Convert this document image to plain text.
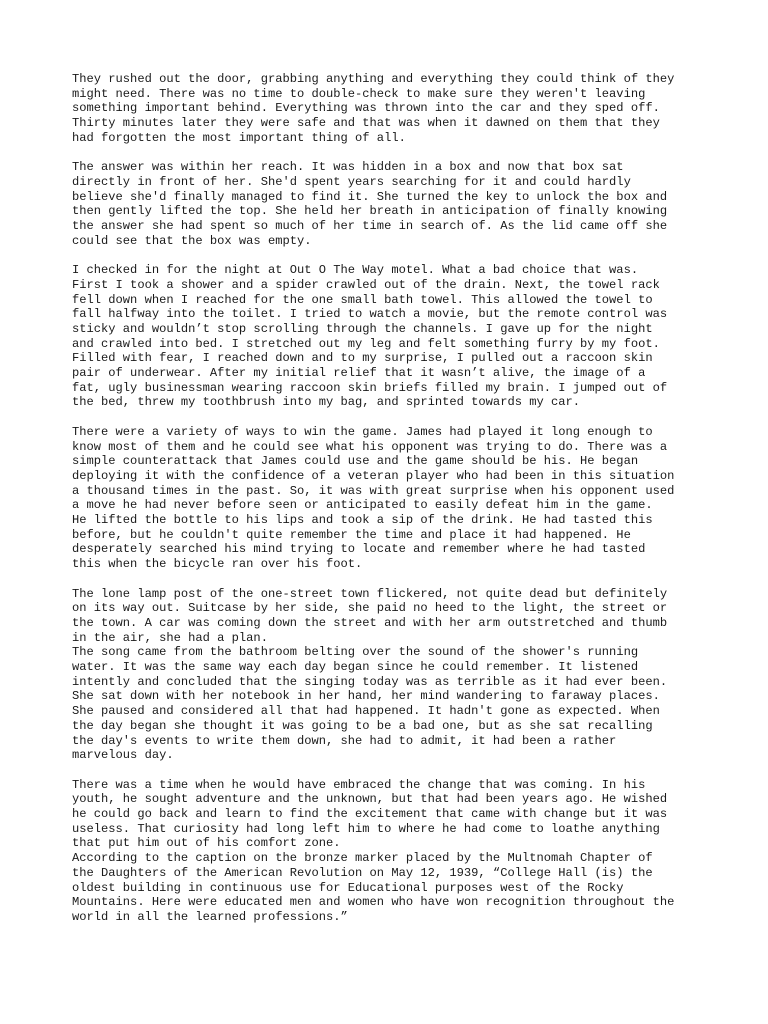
They rushed out the door, grabbing anything and everything they could think of they
might need. There was no time to double-check to make sure they weren't leaving
something important behind. Everything was thrown into the car and they sped off.
Thirty minutes later they were safe and that was when it dawned on them that they
had forgotten the most important thing of all.

The answer was within her reach. It was hidden in a box and now that box sat
directly in front of her. She'd spent years searching for it and could hardly
believe she'd finally managed to find it. She turned the key to unlock the box and
then gently lifted the top. She held her breath in anticipation of finally knowing
the answer she had spent so much of her time in search of. As the lid came off she
could see that the box was empty.

I checked in for the night at Out O The Way motel. What a bad choice that was.
First I took a shower and a spider crawled out of the drain. Next, the towel rack
fell down when I reached for the one small bath towel. This allowed the towel to
fall halfway into the toilet. I tried to watch a movie, but the remote control was
sticky and wouldn’t stop scrolling through the channels. I gave up for the night
and crawled into bed. I stretched out my leg and felt something furry by my foot.
Filled with fear, I reached down and to my surprise, I pulled out a raccoon skin
pair of underwear. After my initial relief that it wasn’t alive, the image of a
fat, ugly businessman wearing raccoon skin briefs filled my brain. I jumped out of
the bed, threw my toothbrush into my bag, and sprinted towards my car.

There were a variety of ways to win the game. James had played it long enough to
know most of them and he could see what his opponent was trying to do. There was a
simple counterattack that James could use and the game should be his. He began
deploying it with the confidence of a veteran player who had been in this situation
a thousand times in the past. So, it was with great surprise when his opponent used
a move he had never before seen or anticipated to easily defeat him in the game.
He lifted the bottle to his lips and took a sip of the drink. He had tasted this
before, but he couldn't quite remember the time and place it had happened. He
desperately searched his mind trying to locate and remember where he had tasted
this when the bicycle ran over his foot.

The lone lamp post of the one-street town flickered, not quite dead but definitely
on its way out. Suitcase by her side, she paid no heed to the light, the street or
the town. A car was coming down the street and with her arm outstretched and thumb
in the air, she had a plan.

The song came from the bathroom belting over the sound of the shower's running
water. It was the same way each day began since he could remember. It listened
intently and concluded that the singing today was as terrible as it had ever been.
She sat down with her notebook in her hand, her mind wandering to faraway places.
She paused and considered all that had happened. It hadn't gone as expected. When
the day began she thought it was going to be a bad one, but as she sat recalling
the day's events to write them down, she had to admit, it had been a rather
marvelous day.

There was a time when he would have embraced the change that was coming. In his
youth, he sought adventure and the unknown, but that had been years ago. He wished
he could go back and learn to find the excitement that came with change but it was
useless. That curiosity had long left him to where he had come to loathe anything
that put him out of his comfort zone.

According to the caption on the bronze marker placed by the Multnomah Chapter of
the Daughters of the American Revolution on May 12, 1939, “College Hall (is) the
oldest building in continuous use for Educational purposes west of the Rocky
Mountains. Here were educated men and women who have won recognition throughout the
world in all the learned professions.”
